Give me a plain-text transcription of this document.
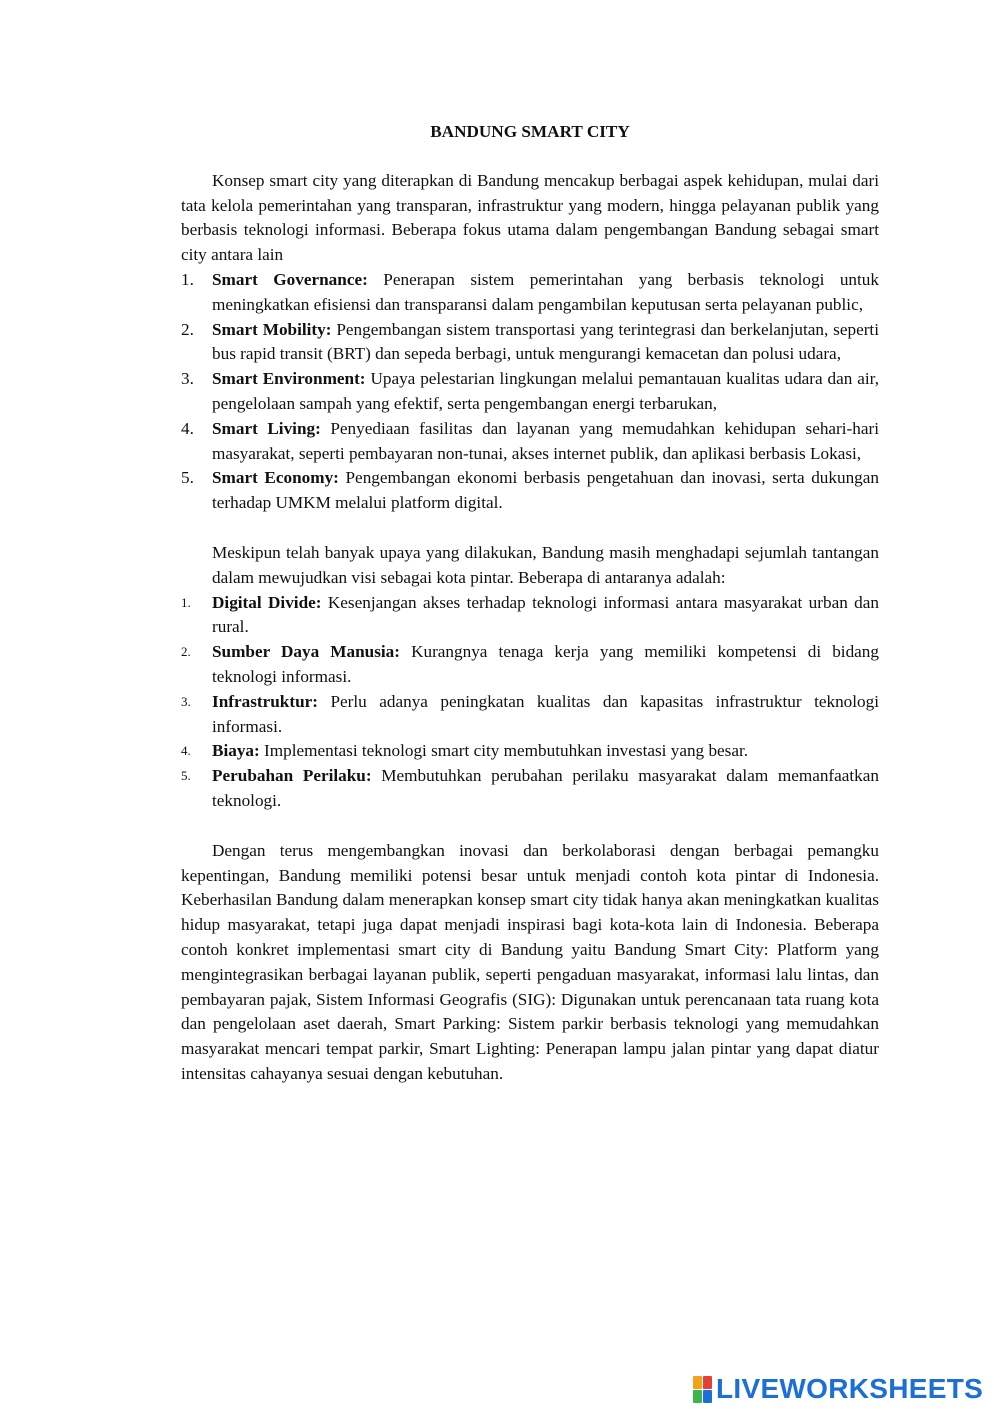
BANDUNG SMART CITY

Konsep smart city yang diterapkan di Bandung mencakup berbagai aspek kehidupan, mulai dari tata kelola pemerintahan yang transparan, infrastruktur yang modern, hingga pelayanan publik yang berbasis teknologi informasi. Beberapa fokus utama dalam pengembangan Bandung sebagai smart city antara lain

1. Smart Governance: Penerapan sistem pemerintahan yang berbasis teknologi untuk meningkatkan efisiensi dan transparansi dalam pengambilan keputusan serta pelayanan public,
2. Smart Mobility: Pengembangan sistem transportasi yang terintegrasi dan berkelanjutan, seperti bus rapid transit (BRT) dan sepeda berbagi, untuk mengurangi kemacetan dan polusi udara,
3. Smart Environment: Upaya pelestarian lingkungan melalui pemantauan kualitas udara dan air, pengelolaan sampah yang efektif, serta pengembangan energi terbarukan,
4. Smart Living: Penyediaan fasilitas dan layanan yang memudahkan kehidupan sehari-hari masyarakat, seperti pembayaran non-tunai, akses internet publik, dan aplikasi berbasis Lokasi,
5. Smart Economy: Pengembangan ekonomi berbasis pengetahuan dan inovasi, serta dukungan terhadap UMKM melalui platform digital.

Meskipun telah banyak upaya yang dilakukan, Bandung masih menghadapi sejumlah tantangan dalam mewujudkan visi sebagai kota pintar. Beberapa di antaranya adalah:

1. Digital Divide: Kesenjangan akses terhadap teknologi informasi antara masyarakat urban dan rural.
2. Sumber Daya Manusia: Kurangnya tenaga kerja yang memiliki kompetensi di bidang teknologi informasi.
3. Infrastruktur: Perlu adanya peningkatan kualitas dan kapasitas infrastruktur teknologi informasi.
4. Biaya: Implementasi teknologi smart city membutuhkan investasi yang besar.
5. Perubahan Perilaku: Membutuhkan perubahan perilaku masyarakat dalam memanfaatkan teknologi.

Dengan terus mengembangkan inovasi dan berkolaborasi dengan berbagai pemangku kepentingan, Bandung memiliki potensi besar untuk menjadi contoh kota pintar di Indonesia. Keberhasilan Bandung dalam menerapkan konsep smart city tidak hanya akan meningkatkan kualitas hidup masyarakat, tetapi juga dapat menjadi inspirasi bagi kota-kota lain di Indonesia. Beberapa contoh konkret implementasi smart city di Bandung yaitu Bandung Smart City: Platform yang mengintegrasikan berbagai layanan publik, seperti pengaduan masyarakat, informasi lalu lintas, dan pembayaran pajak, Sistem Informasi Geografis (SIG): Digunakan untuk perencanaan tata ruang kota dan pengelolaan aset daerah, Smart Parking: Sistem parkir berbasis teknologi yang memudahkan masyarakat mencari tempat parkir, Smart Lighting: Penerapan lampu jalan pintar yang dapat diatur intensitas cahayanya sesuai dengan kebutuhan.

LIVEWORKSHEETS
